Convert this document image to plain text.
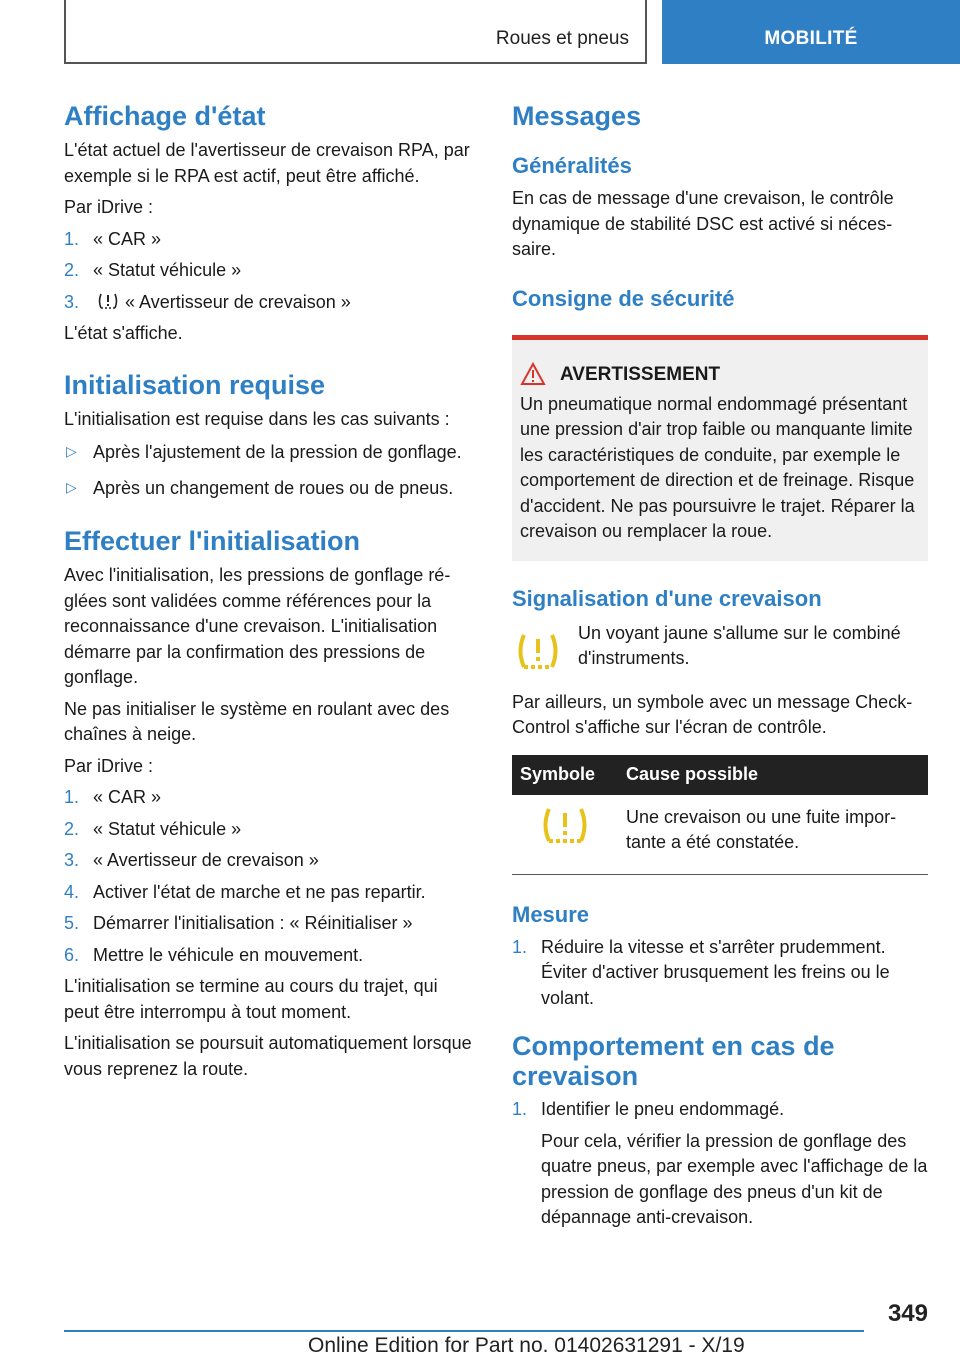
Roues et pneus	MOBILITÉ
Affichage d'état

L'état actuel de l'avertisseur de crevaison RPA, par exemple si le RPA est actif, peut être affiché.

Par iDrive :

1. « CAR »
2. « Statut véhicule »
3.	« Avertisseur de crevaison »

L'état s'affiche.

Initialisation requise

L'initialisation est requise dans les cas suivants :

▷ Après l'ajustement de la pression de gonflage.
▷ Après un changement de roues ou de pneus.
Effectuer l'initialisation

Avec l'initialisation, les pressions de gonflage réglées sont validées comme références pour la reconnaissance d'une crevaison. L'initialisation démarre par la confirmation des pressions de gonflage.

Ne pas initialiser le système en roulant avec des chaînes à neige.

Par iDrive :

1. « CAR »
2. « Statut véhicule »
3. « Avertisseur de crevaison »
4. Activer l'état de marche et ne pas repartir.
5. Démarrer l'initialisation : « Réinitialiser »
6. Mettre le véhicule en mouvement.

L'initialisation se termine au cours du trajet, qui peut être interrompu à tout moment.

L'initialisation se poursuit automatiquement lorsque vous reprenez la route.

Messages
Généralités

En cas de message d'une crevaison, le contrôle dynamique de stabilité DSC est activé si nécessaire.

Consigne de sécurité
AVERTISSEMENT

Un pneumatique normal endommagé présentant une pression d'air trop faible ou manquante limite les caractéristiques de conduite, par exemple le comportement de direction et de freinage. Risque d'accident. Ne pas poursuivre le trajet. Réparer la crevaison ou remplacer la roue.

Signalisation d'une crevaison

Un voyant jaune s'allume sur le combiné d'instruments.

Par ailleurs, un symbole avec un message Check-Control s'affiche sur l'écran de contrôle.

Symbole	Cause possible
	Une crevaison ou une fuite importante a été constatée.
Mesure
1. Réduire la vitesse et s'arrêter prudemment. Éviter d'activer brusquement les freins ou le volant.
Comportement en cas de crevaison
1. Identifier le pneu endommagé.

Pour cela, vérifier la pression de gonflage des quatre pneus, par exemple avec l'affichage de la pression de gonflage des pneus d'un kit de dépannage anti-crevaison.

349
Online Edition for Part no. 01402631291 - X/19
